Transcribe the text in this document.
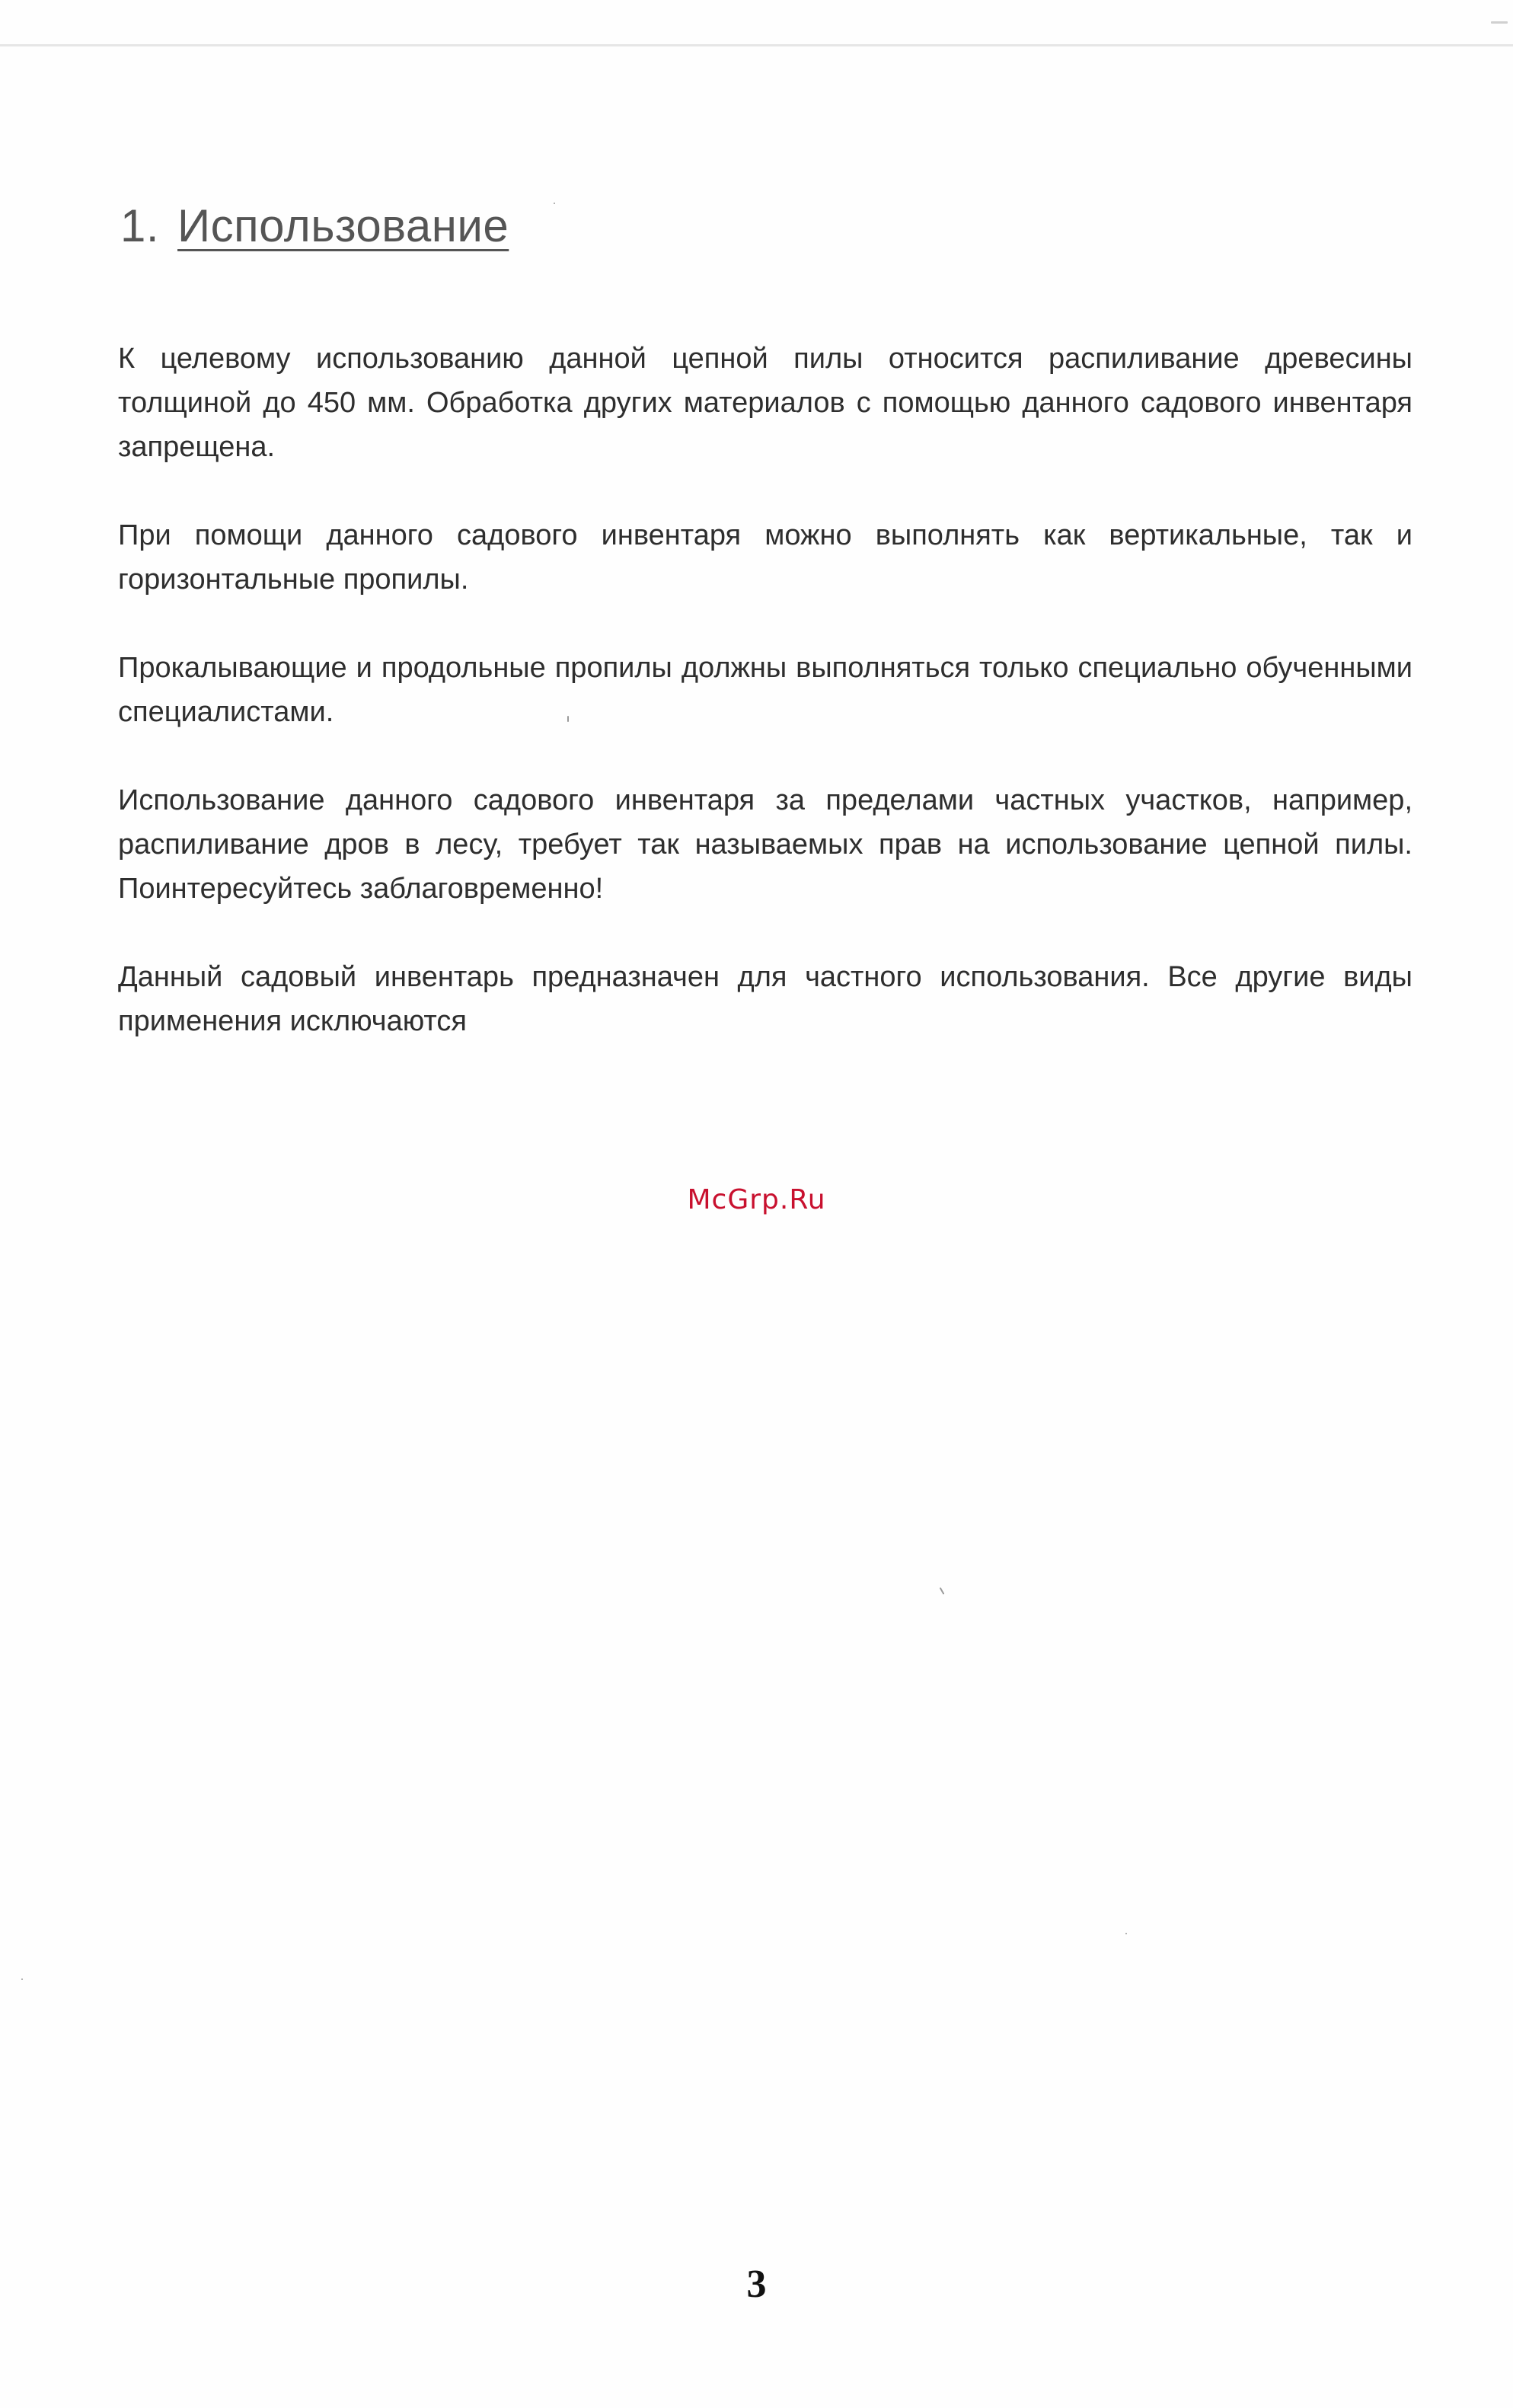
1. Использование

К целевому использованию данной цепной пилы относится распиливание древесины толщиной до 450 мм. Обработка других материалов с помощью данного садового инвентаря запрещена.

При помощи данного садового инвентаря можно выполнять как вертикальные, так и горизонтальные пропилы.

Прокалывающие и продольные пропилы должны выполняться только специально обученными специалистами.

Использование данного садового инвентаря за пределами частных участков, например, распиливание дров в лесу, требует так называемых прав на использование цепной пилы. Поинтересуйтесь заблаговременно!

Данный садовый инвентарь предназначен для частного использования. Все другие виды применения исключаются

McGrp.Ru
3
